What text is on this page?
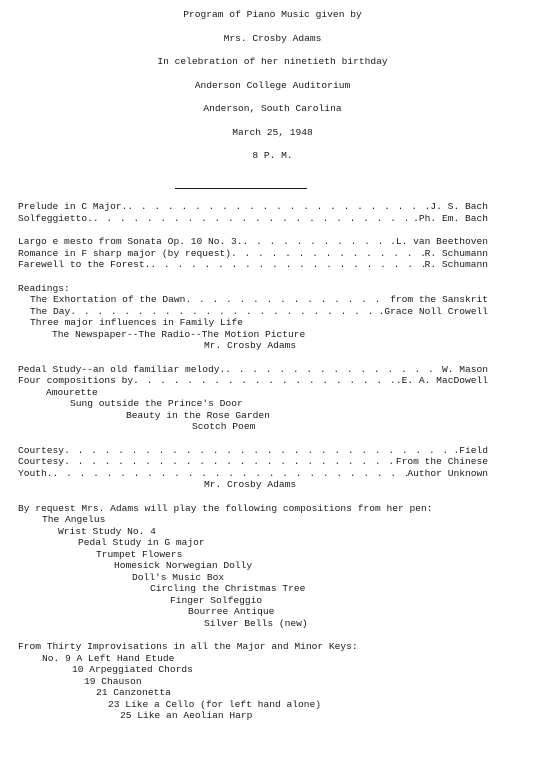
Program of Piano Music given by
Mrs. Crosby Adams
In celebration of her ninetieth birthday
Anderson College Auditorium
Anderson, South Carolina
March 25, 1948
8 P. M.
Prelude in C Major. . . .	.J. S. Bach
Solfeggietto. . . .	.Ph. Em. Bach
Largo e mesto from Sonata Op. 10 No. 3. . . .	.L. van Beethoven
Romance in F sharp major (by request) . . .	R. Schumann
Farewell to the Forest. . . .	R. Schumann
Readings:
The Exhortation of the Dawn . . .	from the Sanskrit
The Day . . .	.Grace Noll Crowell
Three major influences in Family Life
The Newspaper--The Radio--The Motion Picture
Mr. Crosby Adams
Pedal Study--an old familiar melody. . . .	W. Mason
Four compositions by . . .	.E. A. MacDowell
Amourette
Sung outside the Prince's Door
Beauty in the Rose Garden
Scotch Poem
Courtesy . . .	.Field
Courtesy . . .	From the Chinese
Youth. . . .	Author Unknown
Mr. Crosby Adams
By request Mrs. Adams will play the following compositions from her pen:
The Angelus
Wrist Study No. 4
Pedal Study in G major
Trumpet Flowers
Homesick Norwegian Dolly
Doll's Music Box
Circling the Christmas Tree
Finger Solfeggio
Bourree Antique
Silver Bells (new)
From Thirty Improvisations in all the Major and Minor Keys:
No. 9 A Left Hand Etude
10 Arpeggiated Chords
19 Chauson
21 Canzonetta
23 Like a Cello (for left hand alone)
25 Like an Aeolian Harp
